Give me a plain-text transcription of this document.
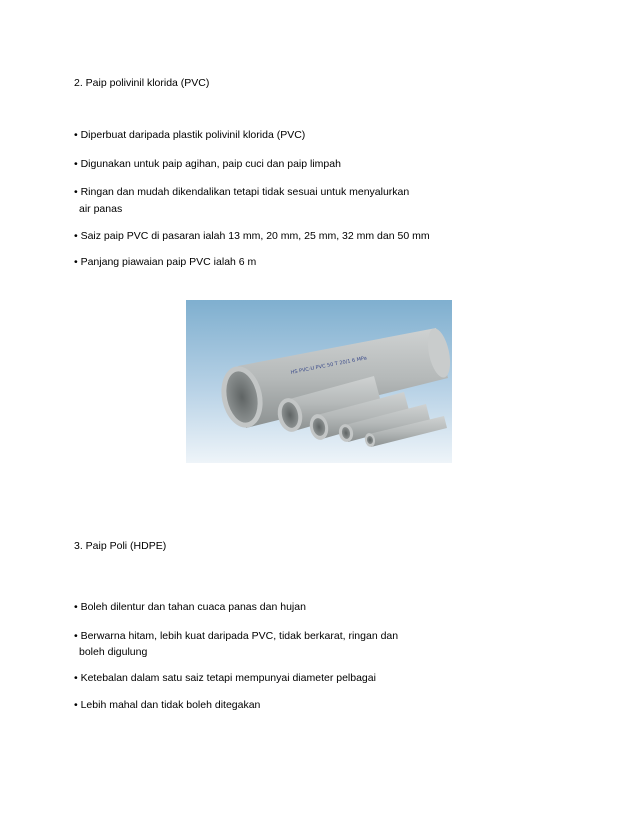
2. Paip polivinil klorida (PVC)
• Diperbuat daripada plastik polivinil klorida (PVC)
• Digunakan untuk paip agihan, paip cuci dan paip limpah
• Ringan dan mudah dikendalikan tetapi tidak sesuai untuk menyalurkan
air panas
• Saiz paip PVC di pasaran ialah 13 mm, 20 mm, 25 mm, 32 mm dan 50 mm
• Panjang piawaian paip PVC ialah 6 m
HS PVC-U PVC 50 T 20/1 6 MPa
3. Paip Poli (HDPE)
• Boleh dilentur dan tahan cuaca panas dan hujan
• Berwarna hitam, lebih kuat daripada PVC, tidak berkarat, ringan dan
boleh digulung
• Ketebalan dalam satu saiz tetapi mempunyai diameter pelbagai
• Lebih mahal dan tidak boleh ditegakan
